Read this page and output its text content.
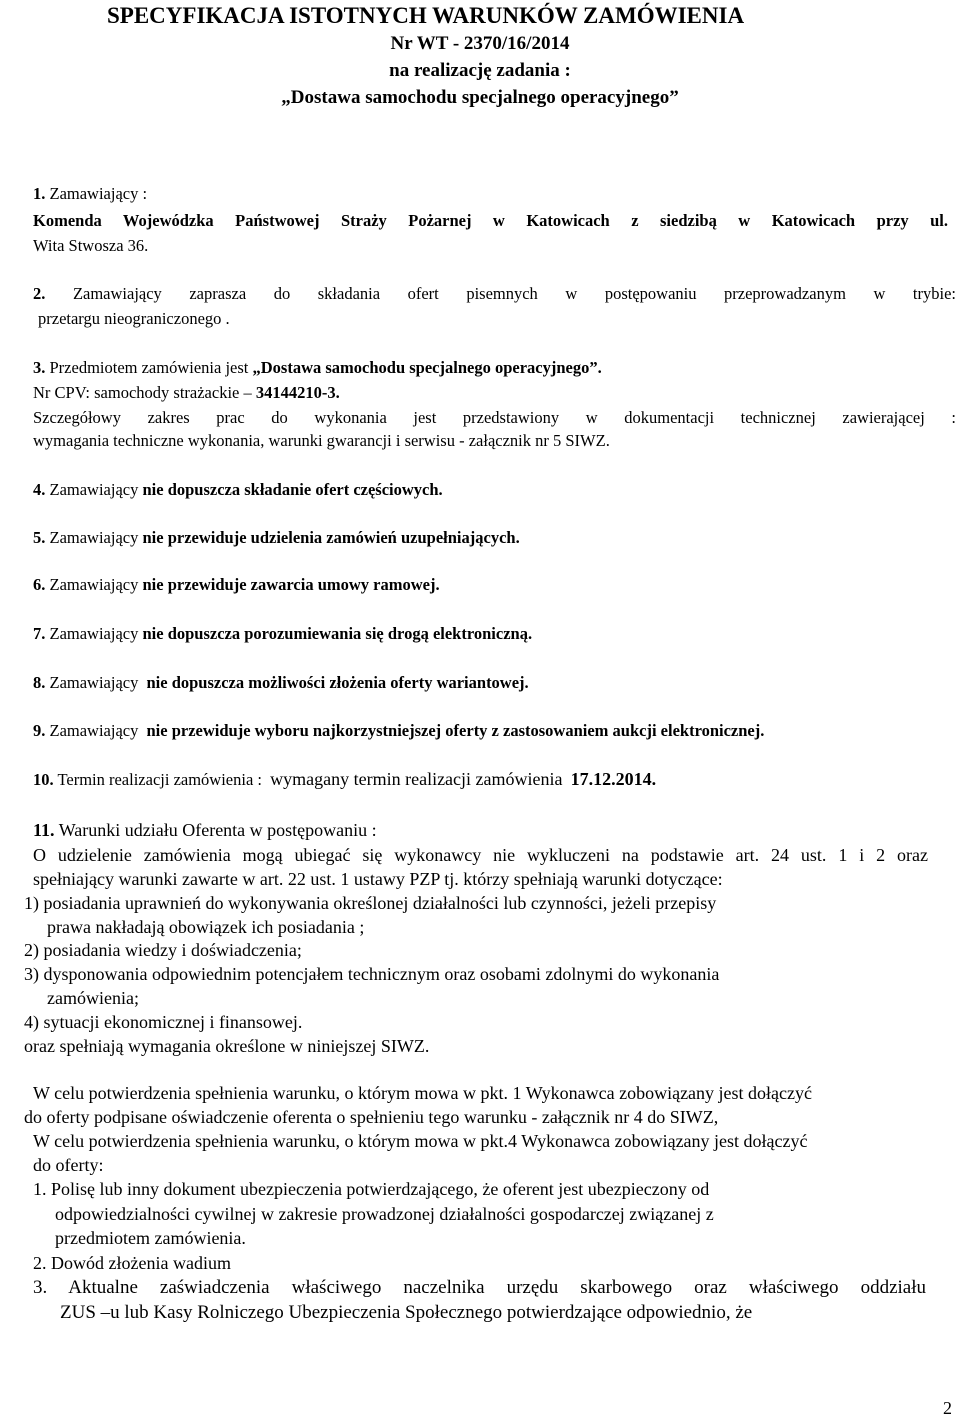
SPECYFIKACJA ISTOTNYCH WARUNKÓW ZAMÓWIENIA
Nr WT - 2370/16/2014
na realizację zadania :
„Dostawa samochodu specjalnego operacyjnego”
1. Zamawiający :
Komenda Wojewódzka Państwowej Straży Pożarnej w Katowicach z siedzibą w Katowicach przy ul.
Wita Stwosza 36.
2. Zamawiający zaprasza do składania ofert pisemnych w postępowaniu przeprowadzanym w trybie:
przetargu nieograniczonego .
3. Przedmiotem zamówienia jest „Dostawa samochodu specjalnego operacyjnego”.
Nr CPV: samochody strażackie – 34144210-3.
Szczegółowy zakres prac do wykonania jest przedstawiony w dokumentacji technicznej zawierającej :
wymagania techniczne wykonania, warunki gwarancji i serwisu - załącznik nr 5 SIWZ.
4. Zamawiający nie dopuszcza składanie ofert częściowych.
5. Zamawiający nie przewiduje udzielenia zamówień uzupełniających.
6. Zamawiający nie przewiduje zawarcia umowy ramowej.
7. Zamawiający nie dopuszcza porozumiewania się drogą elektroniczną.
8. Zamawiający nie dopuszcza możliwości złożenia oferty wariantowej.
9. Zamawiający nie przewiduje wyboru najkorzystniejszej oferty z zastosowaniem aukcji elektronicznej.
10. Termin realizacji zamówienia : wymagany termin realizacji zamówienia 17.12.2014.
11. Warunki udziału Oferenta w postępowaniu :
O udzielenie zamówienia mogą ubiegać się wykonawcy nie wykluczeni na podstawie art. 24 ust. 1 i 2 oraz
spełniający warunki zawarte w art. 22 ust. 1 ustawy PZP tj. którzy spełniają warunki dotyczące:
1) posiadania uprawnień do wykonywania określonej działalności lub czynności, jeżeli przepisy
prawa nakładają obowiązek ich posiadania ;
2) posiadania wiedzy i doświadczenia;
3) dysponowania odpowiednim potencjałem technicznym oraz osobami zdolnymi do wykonania
zamówienia;
4) sytuacji ekonomicznej i finansowej.
oraz spełniają wymagania określone w niniejszej SIWZ.
W celu potwierdzenia spełnienia warunku, o którym mowa w pkt. 1 Wykonawca zobowiązany jest dołączyć
do oferty podpisane oświadczenie oferenta o spełnieniu tego warunku - załącznik nr 4 do SIWZ,
W celu potwierdzenia spełnienia warunku, o którym mowa w pkt.4 Wykonawca zobowiązany jest dołączyć
do oferty:
1. Polisę lub inny dokument ubezpieczenia potwierdzającego, że oferent jest ubezpieczony od
odpowiedzialności cywilnej w zakresie prowadzonej działalności gospodarczej związanej z
przedmiotem zamówienia.
2. Dowód złożenia wadium
3. Aktualne zaświadczenia właściwego naczelnika urzędu skarbowego oraz właściwego oddziału
ZUS –u lub Kasy Rolniczego Ubezpieczenia Społecznego potwierdzające odpowiednio, że
2
